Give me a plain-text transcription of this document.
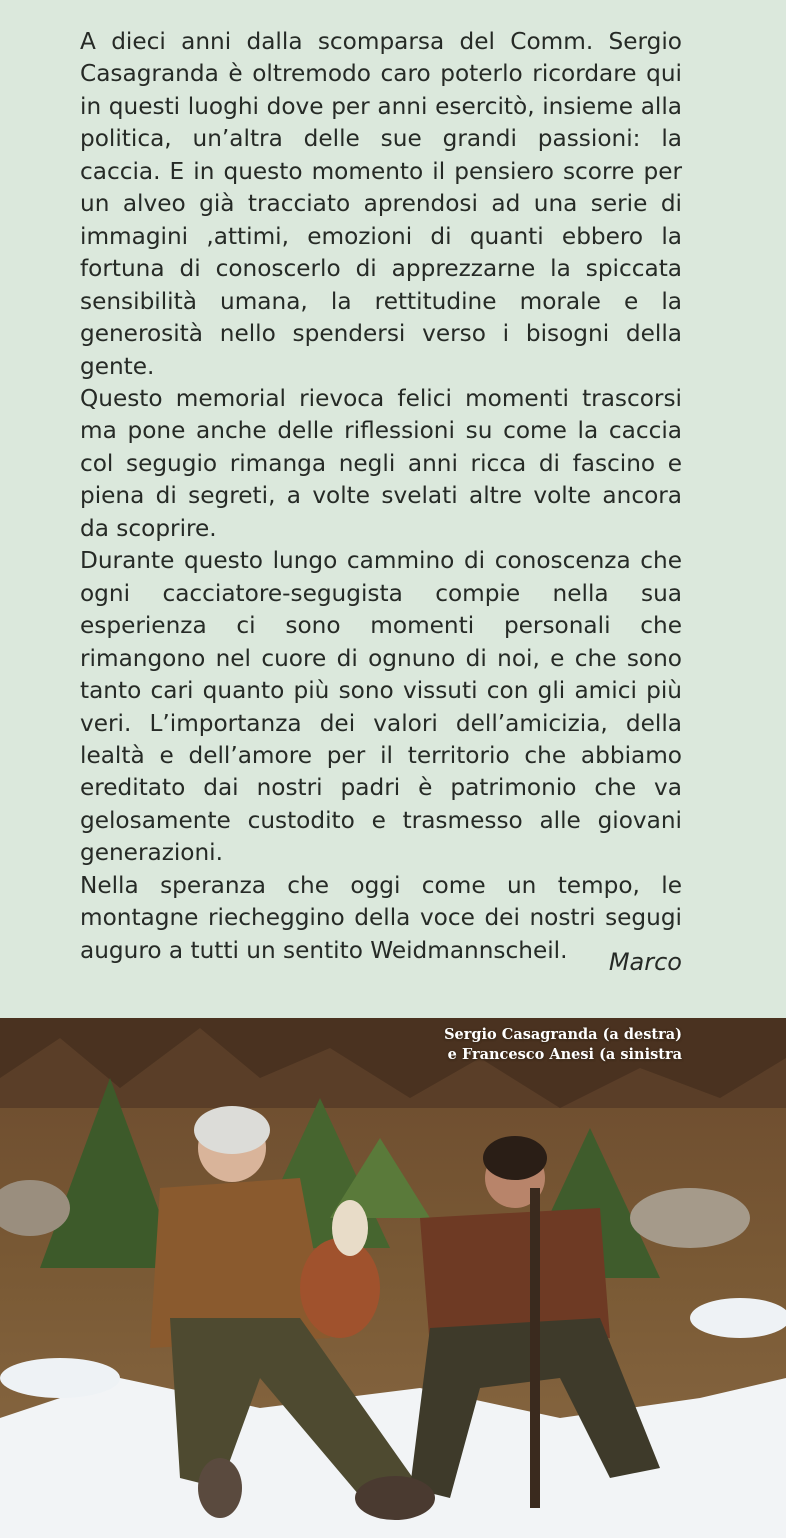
A dieci anni dalla scomparsa del Comm. Sergio Casagranda è oltremodo caro poterlo ricordare qui in questi luoghi dove per anni esercitò, insieme alla politica, un’altra delle sue grandi passioni: la caccia. E in questo momento il pensiero scorre per un alveo già tracciato aprendosi ad una serie di immagini ,attimi, emozioni di quanti ebbero la fortuna di conoscerlo di apprezzarne la spiccata sensibilità umana, la rettitudine morale e la generosità nello spendersi verso i bisogni della gente.

Questo memorial rievoca felici momenti trascorsi ma pone anche delle riflessioni su come la caccia col segugio rimanga negli anni ricca di fascino e piena di segreti, a volte svelati altre volte ancora da scoprire.

Durante questo lungo cammino di conoscenza che ogni cacciatore-segugista compie nella sua esperienza ci sono momenti personali che rimangono nel cuore di ognuno di noi, e che sono tanto cari quanto più sono vissuti con gli amici più veri. L’importanza dei valori dell’amicizia, della lealtà e dell’amore per il territorio che abbiamo ereditato dai nostri padri è patrimonio che va gelosamente custodito e trasmesso alle giovani generazioni.

Nella speranza che oggi come un tempo, le montagne riecheggino della voce dei nostri segugi auguro a tutti un sentito Weidmannscheil.	Marco
Sergio Casagranda (a destra)
e Francesco Anesi (a sinistra
